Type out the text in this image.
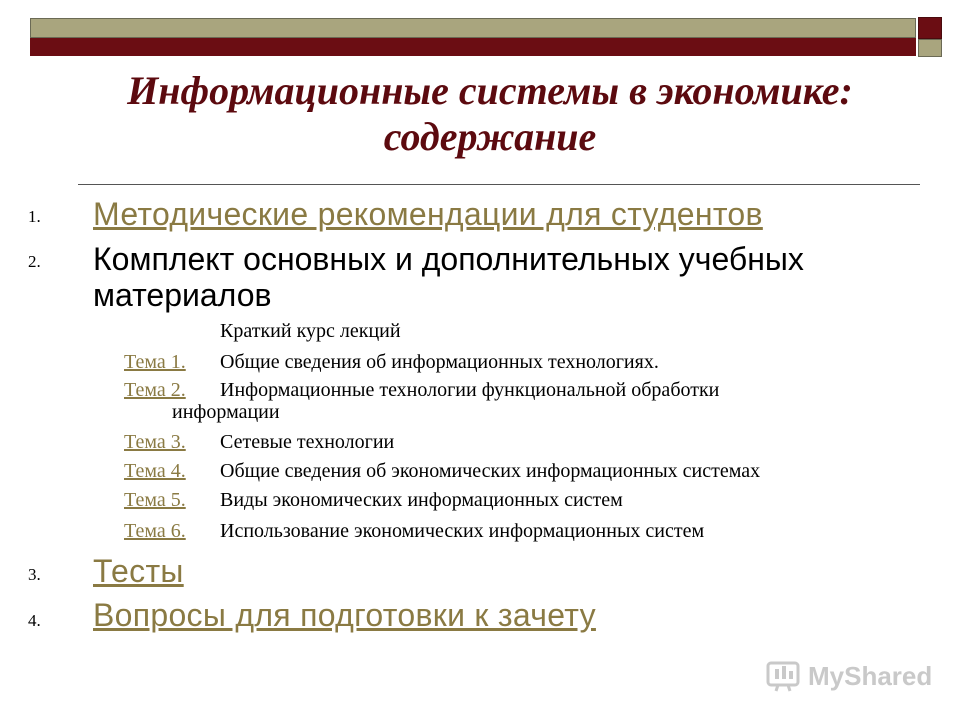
Информационные системы в экономике:
содержание
1. Методические рекомендации для студентов
2. Комплект основных и дополнительных учебных материалов
Краткий курс лекций
Тема 1.Общие сведения об информационных технологиях.
Тема 2.Информационные технологии функциональной обработки
информации
Тема 3.Сетевые технологии
Тема 4.Общие сведения об экономических информационных системах
Тема 5.Виды экономических информационных систем
Тема 6.Использование экономических информационных систем
3. Тесты
4. Вопросы для подготовки к зачету
MyShared
